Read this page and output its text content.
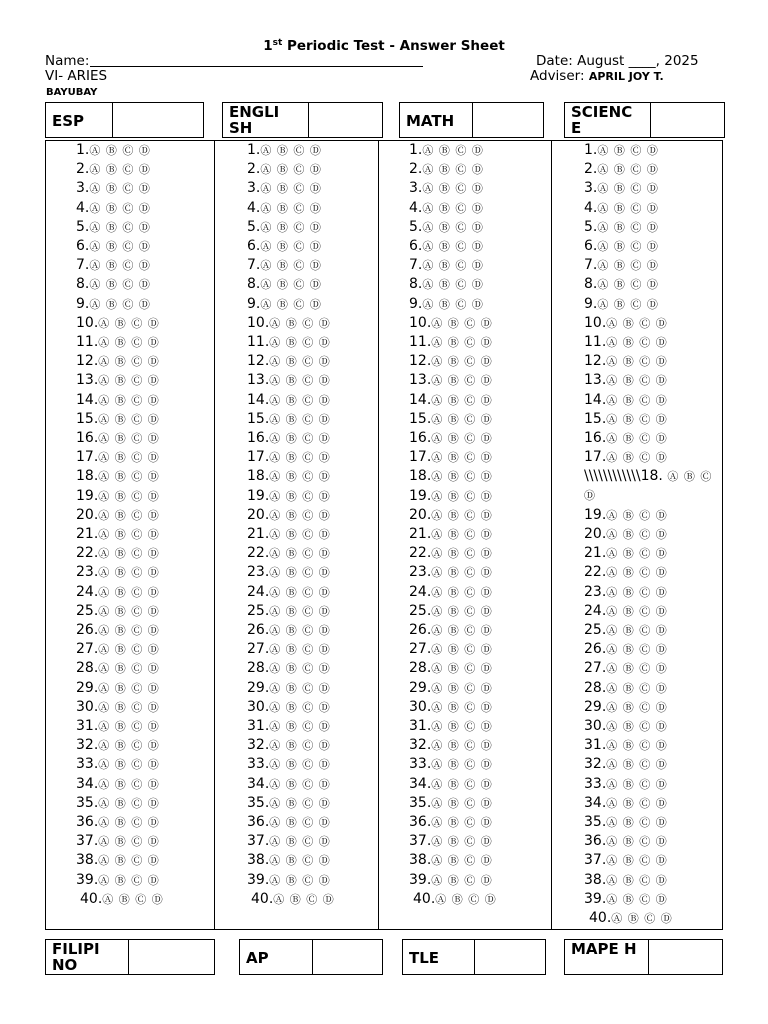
1st Periodic Test - Answer Sheet
Name:	Date: August ____, 2025
VI- ARIES	Adviser: APRIL JOY T.
BAYUBAY
ESP	ENGLI SH	MATH	SCIENC E
1.Ⓐ Ⓑ Ⓒ Ⓓ
2.Ⓐ Ⓑ Ⓒ Ⓓ
3.Ⓐ Ⓑ Ⓒ Ⓓ
4.Ⓐ Ⓑ Ⓒ Ⓓ
5.Ⓐ Ⓑ Ⓒ Ⓓ
6.Ⓐ Ⓑ Ⓒ Ⓓ
7.Ⓐ Ⓑ Ⓒ Ⓓ
8.Ⓐ Ⓑ Ⓒ Ⓓ
9.Ⓐ Ⓑ Ⓒ Ⓓ
10.Ⓐ Ⓑ Ⓒ Ⓓ
11.Ⓐ Ⓑ Ⓒ Ⓓ
12.Ⓐ Ⓑ Ⓒ Ⓓ
13.Ⓐ Ⓑ Ⓒ Ⓓ
14.Ⓐ Ⓑ Ⓒ Ⓓ
15.Ⓐ Ⓑ Ⓒ Ⓓ
16.Ⓐ Ⓑ Ⓒ Ⓓ
17.Ⓐ Ⓑ Ⓒ Ⓓ
18.Ⓐ Ⓑ Ⓒ Ⓓ
19.Ⓐ Ⓑ Ⓒ Ⓓ
20.Ⓐ Ⓑ Ⓒ Ⓓ
21.Ⓐ Ⓑ Ⓒ Ⓓ
22.Ⓐ Ⓑ Ⓒ Ⓓ
23.Ⓐ Ⓑ Ⓒ Ⓓ
24.Ⓐ Ⓑ Ⓒ Ⓓ
25.Ⓐ Ⓑ Ⓒ Ⓓ
26.Ⓐ Ⓑ Ⓒ Ⓓ
27.Ⓐ Ⓑ Ⓒ Ⓓ
28.Ⓐ Ⓑ Ⓒ Ⓓ
29.Ⓐ Ⓑ Ⓒ Ⓓ
30.Ⓐ Ⓑ Ⓒ Ⓓ
31.Ⓐ Ⓑ Ⓒ Ⓓ
32.Ⓐ Ⓑ Ⓒ Ⓓ
33.Ⓐ Ⓑ Ⓒ Ⓓ
34.Ⓐ Ⓑ Ⓒ Ⓓ
35.Ⓐ Ⓑ Ⓒ Ⓓ
36.Ⓐ Ⓑ Ⓒ Ⓓ
37.Ⓐ Ⓑ Ⓒ Ⓓ
38.Ⓐ Ⓑ Ⓒ Ⓓ
39.Ⓐ Ⓑ Ⓒ Ⓓ
40.Ⓐ Ⓑ Ⓒ Ⓓ
1.Ⓐ Ⓑ Ⓒ Ⓓ
2.Ⓐ Ⓑ Ⓒ Ⓓ
3.Ⓐ Ⓑ Ⓒ Ⓓ
4.Ⓐ Ⓑ Ⓒ Ⓓ
5.Ⓐ Ⓑ Ⓒ Ⓓ
6.Ⓐ Ⓑ Ⓒ Ⓓ
7.Ⓐ Ⓑ Ⓒ Ⓓ
8.Ⓐ Ⓑ Ⓒ Ⓓ
9.Ⓐ Ⓑ Ⓒ Ⓓ
10.Ⓐ Ⓑ Ⓒ Ⓓ
11.Ⓐ Ⓑ Ⓒ Ⓓ
12.Ⓐ Ⓑ Ⓒ Ⓓ
13.Ⓐ Ⓑ Ⓒ Ⓓ
14.Ⓐ Ⓑ Ⓒ Ⓓ
15.Ⓐ Ⓑ Ⓒ Ⓓ
16.Ⓐ Ⓑ Ⓒ Ⓓ
17.Ⓐ Ⓑ Ⓒ Ⓓ
18.Ⓐ Ⓑ Ⓒ Ⓓ
19.Ⓐ Ⓑ Ⓒ Ⓓ
20.Ⓐ Ⓑ Ⓒ Ⓓ
21.Ⓐ Ⓑ Ⓒ Ⓓ
22.Ⓐ Ⓑ Ⓒ Ⓓ
23.Ⓐ Ⓑ Ⓒ Ⓓ
24.Ⓐ Ⓑ Ⓒ Ⓓ
25.Ⓐ Ⓑ Ⓒ Ⓓ
26.Ⓐ Ⓑ Ⓒ Ⓓ
27.Ⓐ Ⓑ Ⓒ Ⓓ
28.Ⓐ Ⓑ Ⓒ Ⓓ
29.Ⓐ Ⓑ Ⓒ Ⓓ
30.Ⓐ Ⓑ Ⓒ Ⓓ
31.Ⓐ Ⓑ Ⓒ Ⓓ
32.Ⓐ Ⓑ Ⓒ Ⓓ
33.Ⓐ Ⓑ Ⓒ Ⓓ
34.Ⓐ Ⓑ Ⓒ Ⓓ
35.Ⓐ Ⓑ Ⓒ Ⓓ
36.Ⓐ Ⓑ Ⓒ Ⓓ
37.Ⓐ Ⓑ Ⓒ Ⓓ
38.Ⓐ Ⓑ Ⓒ Ⓓ
39.Ⓐ Ⓑ Ⓒ Ⓓ
40.Ⓐ Ⓑ Ⓒ Ⓓ
1.Ⓐ Ⓑ Ⓒ Ⓓ
2.Ⓐ Ⓑ Ⓒ Ⓓ
3.Ⓐ Ⓑ Ⓒ Ⓓ
4.Ⓐ Ⓑ Ⓒ Ⓓ
5.Ⓐ Ⓑ Ⓒ Ⓓ
6.Ⓐ Ⓑ Ⓒ Ⓓ
7.Ⓐ Ⓑ Ⓒ Ⓓ
8.Ⓐ Ⓑ Ⓒ Ⓓ
9.Ⓐ Ⓑ Ⓒ Ⓓ
10.Ⓐ Ⓑ Ⓒ Ⓓ
11.Ⓐ Ⓑ Ⓒ Ⓓ
12.Ⓐ Ⓑ Ⓒ Ⓓ
13.Ⓐ Ⓑ Ⓒ Ⓓ
14.Ⓐ Ⓑ Ⓒ Ⓓ
15.Ⓐ Ⓑ Ⓒ Ⓓ
16.Ⓐ Ⓑ Ⓒ Ⓓ
17.Ⓐ Ⓑ Ⓒ Ⓓ
18.Ⓐ Ⓑ Ⓒ Ⓓ
19.Ⓐ Ⓑ Ⓒ Ⓓ
20.Ⓐ Ⓑ Ⓒ Ⓓ
21.Ⓐ Ⓑ Ⓒ Ⓓ
22.Ⓐ Ⓑ Ⓒ Ⓓ
23.Ⓐ Ⓑ Ⓒ Ⓓ
24.Ⓐ Ⓑ Ⓒ Ⓓ
25.Ⓐ Ⓑ Ⓒ Ⓓ
26.Ⓐ Ⓑ Ⓒ Ⓓ
27.Ⓐ Ⓑ Ⓒ Ⓓ
28.Ⓐ Ⓑ Ⓒ Ⓓ
29.Ⓐ Ⓑ Ⓒ Ⓓ
30.Ⓐ Ⓑ Ⓒ Ⓓ
31.Ⓐ Ⓑ Ⓒ Ⓓ
32.Ⓐ Ⓑ Ⓒ Ⓓ
33.Ⓐ Ⓑ Ⓒ Ⓓ
34.Ⓐ Ⓑ Ⓒ Ⓓ
35.Ⓐ Ⓑ Ⓒ Ⓓ
36.Ⓐ Ⓑ Ⓒ Ⓓ
37.Ⓐ Ⓑ Ⓒ Ⓓ
38.Ⓐ Ⓑ Ⓒ Ⓓ
39.Ⓐ Ⓑ Ⓒ Ⓓ
40.Ⓐ Ⓑ Ⓒ Ⓓ
1.Ⓐ Ⓑ Ⓒ Ⓓ
2.Ⓐ Ⓑ Ⓒ Ⓓ
3.Ⓐ Ⓑ Ⓒ Ⓓ
4.Ⓐ Ⓑ Ⓒ Ⓓ
5.Ⓐ Ⓑ Ⓒ Ⓓ
6.Ⓐ Ⓑ Ⓒ Ⓓ
7.Ⓐ Ⓑ Ⓒ Ⓓ
8.Ⓐ Ⓑ Ⓒ Ⓓ
9.Ⓐ Ⓑ Ⓒ Ⓓ
10.Ⓐ Ⓑ Ⓒ Ⓓ
11.Ⓐ Ⓑ Ⓒ Ⓓ
12.Ⓐ Ⓑ Ⓒ Ⓓ
13.Ⓐ Ⓑ Ⓒ Ⓓ
14.Ⓐ Ⓑ Ⓒ Ⓓ
15.Ⓐ Ⓑ Ⓒ Ⓓ
16.Ⓐ Ⓑ Ⓒ Ⓓ
17.Ⓐ Ⓑ Ⓒ Ⓓ
\\\\\\\\\\\\18. Ⓐ Ⓑ Ⓒ Ⓓ
19.Ⓐ Ⓑ Ⓒ Ⓓ
20.Ⓐ Ⓑ Ⓒ Ⓓ
21.Ⓐ Ⓑ Ⓒ Ⓓ
22.Ⓐ Ⓑ Ⓒ Ⓓ
23.Ⓐ Ⓑ Ⓒ Ⓓ
24.Ⓐ Ⓑ Ⓒ Ⓓ
25.Ⓐ Ⓑ Ⓒ Ⓓ
26.Ⓐ Ⓑ Ⓒ Ⓓ
27.Ⓐ Ⓑ Ⓒ Ⓓ
28.Ⓐ Ⓑ Ⓒ Ⓓ
29.Ⓐ Ⓑ Ⓒ Ⓓ
30.Ⓐ Ⓑ Ⓒ Ⓓ
31.Ⓐ Ⓑ Ⓒ Ⓓ
32.Ⓐ Ⓑ Ⓒ Ⓓ
33.Ⓐ Ⓑ Ⓒ Ⓓ
34.Ⓐ Ⓑ Ⓒ Ⓓ
35.Ⓐ Ⓑ Ⓒ Ⓓ
36.Ⓐ Ⓑ Ⓒ Ⓓ
37.Ⓐ Ⓑ Ⓒ Ⓓ
38.Ⓐ Ⓑ Ⓒ Ⓓ
39.Ⓐ Ⓑ Ⓒ Ⓓ
40.Ⓐ Ⓑ Ⓒ Ⓓ
FILIPI NO	AP	TLE	MAPE H
